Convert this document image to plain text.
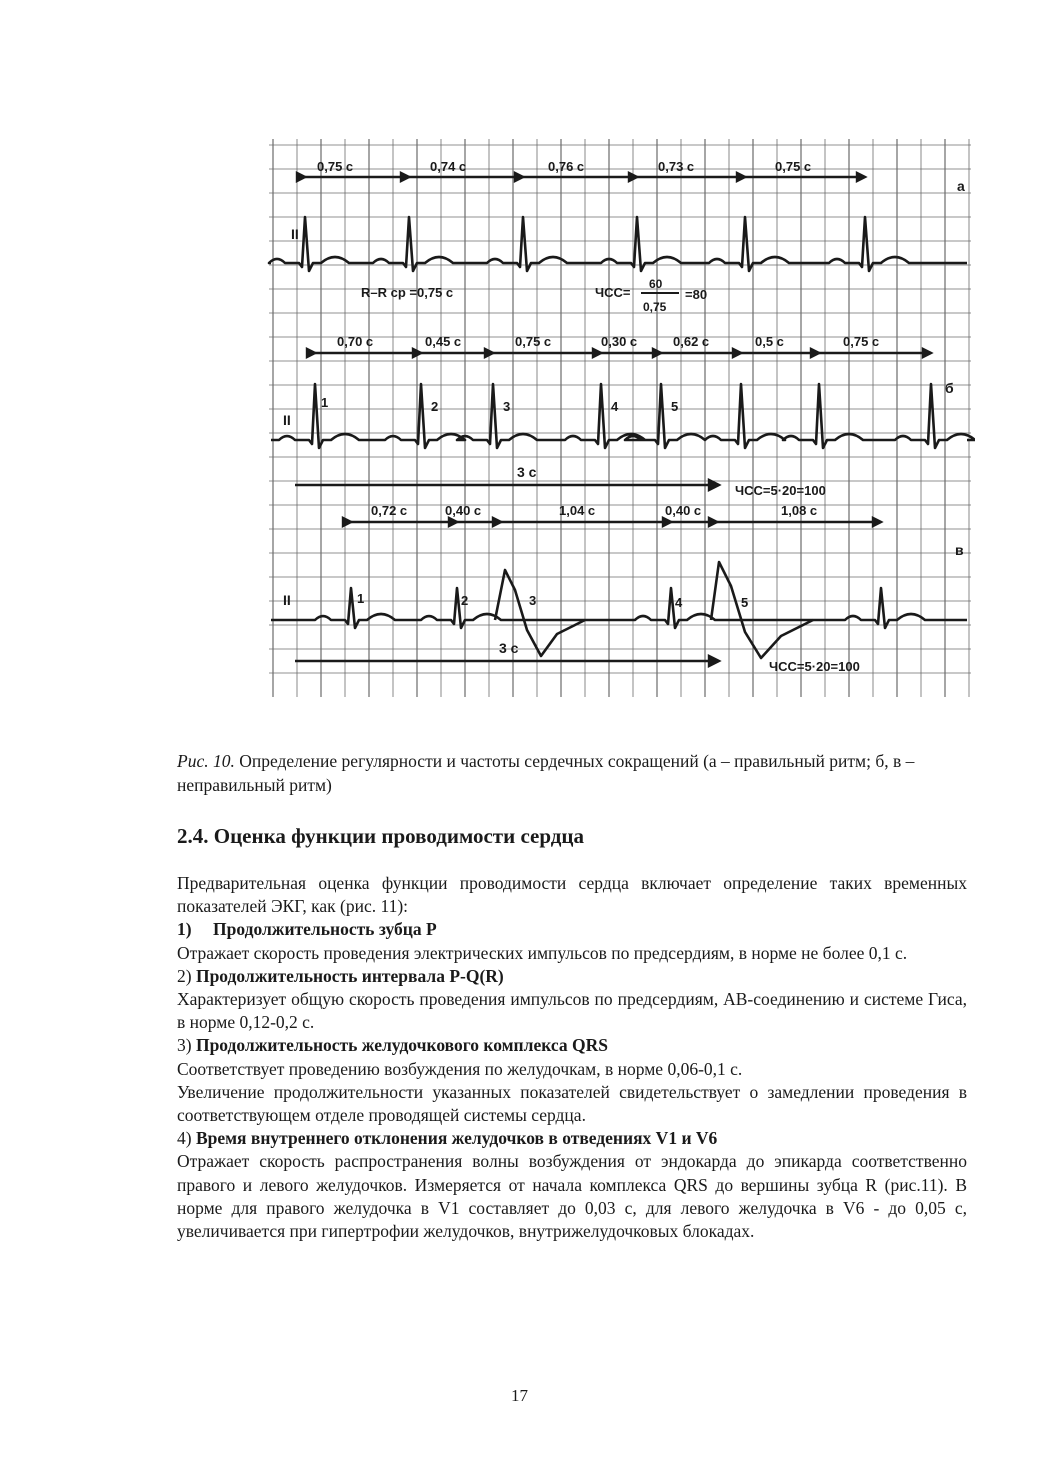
II
а
0,75 с	0,74 с	0,76 с	0,73 с	0,75 с
R–R ср =0,75 с	ЧСС=
60
0,75
=80
II
б
0,70 с	0,45 с	0,75 с	0,30 с	0,62 с	0,5 с	0,75 с
1	2	3	4	5
3 с
ЧСС=5·20=100
II
в
0,72 с	0,40 с	1,04 с	0,40 с	1,08 с
1	2	3	4	5
3 с
ЧСС=5·20=100

Рис. 10. Определение регулярности и частоты сердечных сокращений (а – правильный ритм; б, в – неправильный ритм)

2.4. Оценка функции проводимости сердца

Предварительная оценка функции проводимости сердца включает определение таких временных показателей ЭКГ, как (рис. 11):

1) Продолжительность зубца Р

Отражает скорость проведения электрических импульсов по предсердиям, в норме не более 0,1 с.

2) Продолжительность интервала P-Q(R)

Характеризует общую скорость проведения импульсов по предсердиям, АВ-соединению и системе Гиса, в норме 0,12-0,2 с.

3) Продолжительность желудочкового комплекса QRS

Соответствует проведению возбуждения по желудочкам, в норме 0,06-0,1 с.

Увеличение продолжительности указанных показателей свидетельствует о замедлении проведения в соответствующем отделе проводящей системы сердца.

4) Время внутреннего отклонения желудочков в отведениях V1 и V6

Отражает скорость распространения волны возбуждения от эндокарда до эпикарда соответственно правого и левого желудочков. Измеряется от начала комплекса QRS до вершины зубца R (рис.11). В норме для правого желудочка в V1 составляет до 0,03 с, для левого желудочка в V6 - до 0,05 с, увеличивается при гипертрофии желудочков, внутрижелудочковых блокадах.

17
